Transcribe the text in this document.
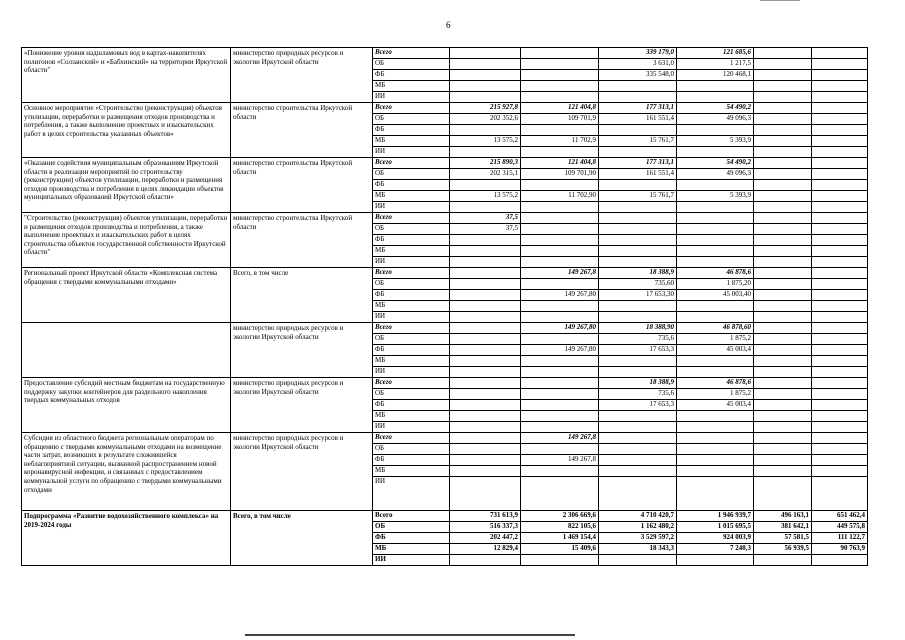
6
«Понижение уровня надшламовых вод в картах-накопителях полигонов «Солзанский» и «Бабхинский» на территории Иркутской области"	министерство природных ресурсов и экологии Иркутской области	Всего			339 179,0	121 685,6		
		ОБ			3 631,0	1 217,5		
		ФБ			335 548,0	120 468,1		
		МБ						
		ИИ						
Основное мероприятие «Строительство (реконструкция) объектов утилизации, переработки и размещения отходов производства и потребления, а также выполнение проектных и изыскательских работ в целях строительства указанных объектов»	министерство строительства Иркутской области	Всего	215 927,8	121 404,8	177 313,1	54 490,2		
		ОБ	202 352,6	109 701,9	161 551,4	49 096,3		
		ФБ						
		МБ	13 575,2	11 702,9	15 761,7	5 393,9		
		ИИ						
«Оказание содействия муниципальным образованиям Иркутской области в реализации мероприятий по строительству (реконструкции) объектов утилизации, переработки и размещения отходов производства и потребления в целях ликвидации объектов муниципальных образований Иркутской области»	министерство строительства Иркутской области	Всего	215 890,3	121 404,8	177 313,1	54 490,2		
		ОБ	202 315,1	109 701,90	161 551,4	49 096,3		
		ФБ						
		МБ	13 575,2	11 702,90	15 761,7	5 393,9		
		ИИ						
"Строительство (реконструкция) объектов утилизации, переработки и размещения отходов производства и потребления, а также выполнение проектных и изыскательских работ в целях строительства объектов государственной собственности Иркутской области"	министерство строительства Иркутской области	Всего	37,5					
		ОБ	37,5					
		ФБ						
		МБ						
		ИИ						
Региональный проект Иркутской области «Комплексная система обращения с твердыми коммунальными отходами»	Всего, в том числе	Всего		149 267,8	18 388,9	46 878,6		
		ОБ			735,60	1 875,20		
		ФБ		149 267,80	17 653,30	45 003,40		
		МБ						
		ИИ						
	министерство природных ресурсов и экологии Иркутской области	Всего		149 267,80	18 388,90	46 878,60		
		ОБ			735,6	1 875,2		
		ФБ		149 267,80	17 653,3	45 003,4		
		МБ						
		ИИ						
Предоставление субсидий местным бюджетам на государственную поддержку закупки контейнеров для раздельного накопления твердых коммунальных отходов	министерство природных ресурсов и экологии Иркутской области	Всего			18 388,9	46 878,6		
		ОБ			735,6	1 875,2		
		ФБ			17 653,3	45 003,4		
		МБ						
		ИИ						
Субсидия из областного бюджета региональным операторам по обращению с твердыми коммунальными отходами на возмещение части затрат, возникших в результате сложившейся неблагоприятной ситуации, вызванной распространением новой коронавирусной инфекции, и связанных с предоставлением коммунальной услуги по обращению с твердыми коммунальными отходами	министерство природных ресурсов и экологии Иркутской области	Всего		149 267,8				
		ОБ						
		ФБ		149 267,8				
		МБ						
		ИИ						
Подпрограмма «Развитие водохозяйственного комплекса» на 2019-2024 годы	Всего, в том числе	Всего	731 613,9	2 306 669,6	4 710 420,7	1 946 939,7	496 163,1	651 462,4
		ОБ	516 337,3	822 105,6	1 162 480,2	1 015 695,5	381 642,1	449 575,8
		ФБ	202 447,2	1 469 154,4	3 529 597,2	924 003,9	57 581,5	111 122,7
		МБ	12 829,4	15 409,6	18 343,3	7 240,3	56 939,5	90 763,9
		ИИ						
